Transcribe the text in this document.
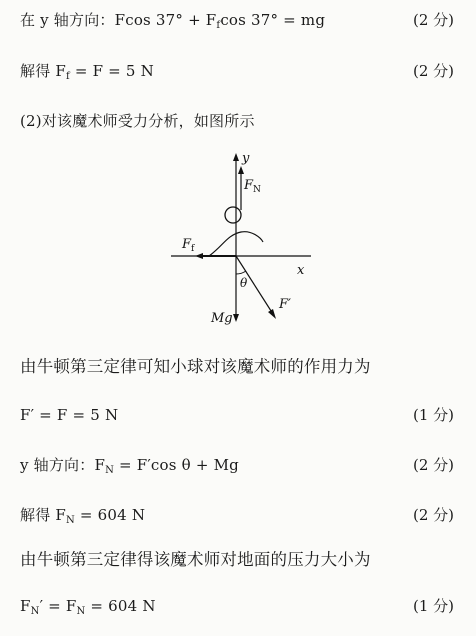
在 y 轴方向：Fcos $37^\circ + F_f\cos$ 37° = mg	(2 分)
解得 $F_f = F = 5$ N	(2 分)
(2)对该魔术师受力分析，如图所示
y
x
$F_N$
$F_f$
θ
Mg
F′
由牛顿第三定律可知小球对该魔术师的作用力为
F′ = F = 5 N	(1 分)
y 轴方向：$F_N = F'\cos$ θ + Mg	(2 分)
解得 $F_N = 604$ N	(2 分)
由牛顿第三定律得该魔术师对地面的压力大小为
$F_N' = F_N = 604$ N	(1 分)
